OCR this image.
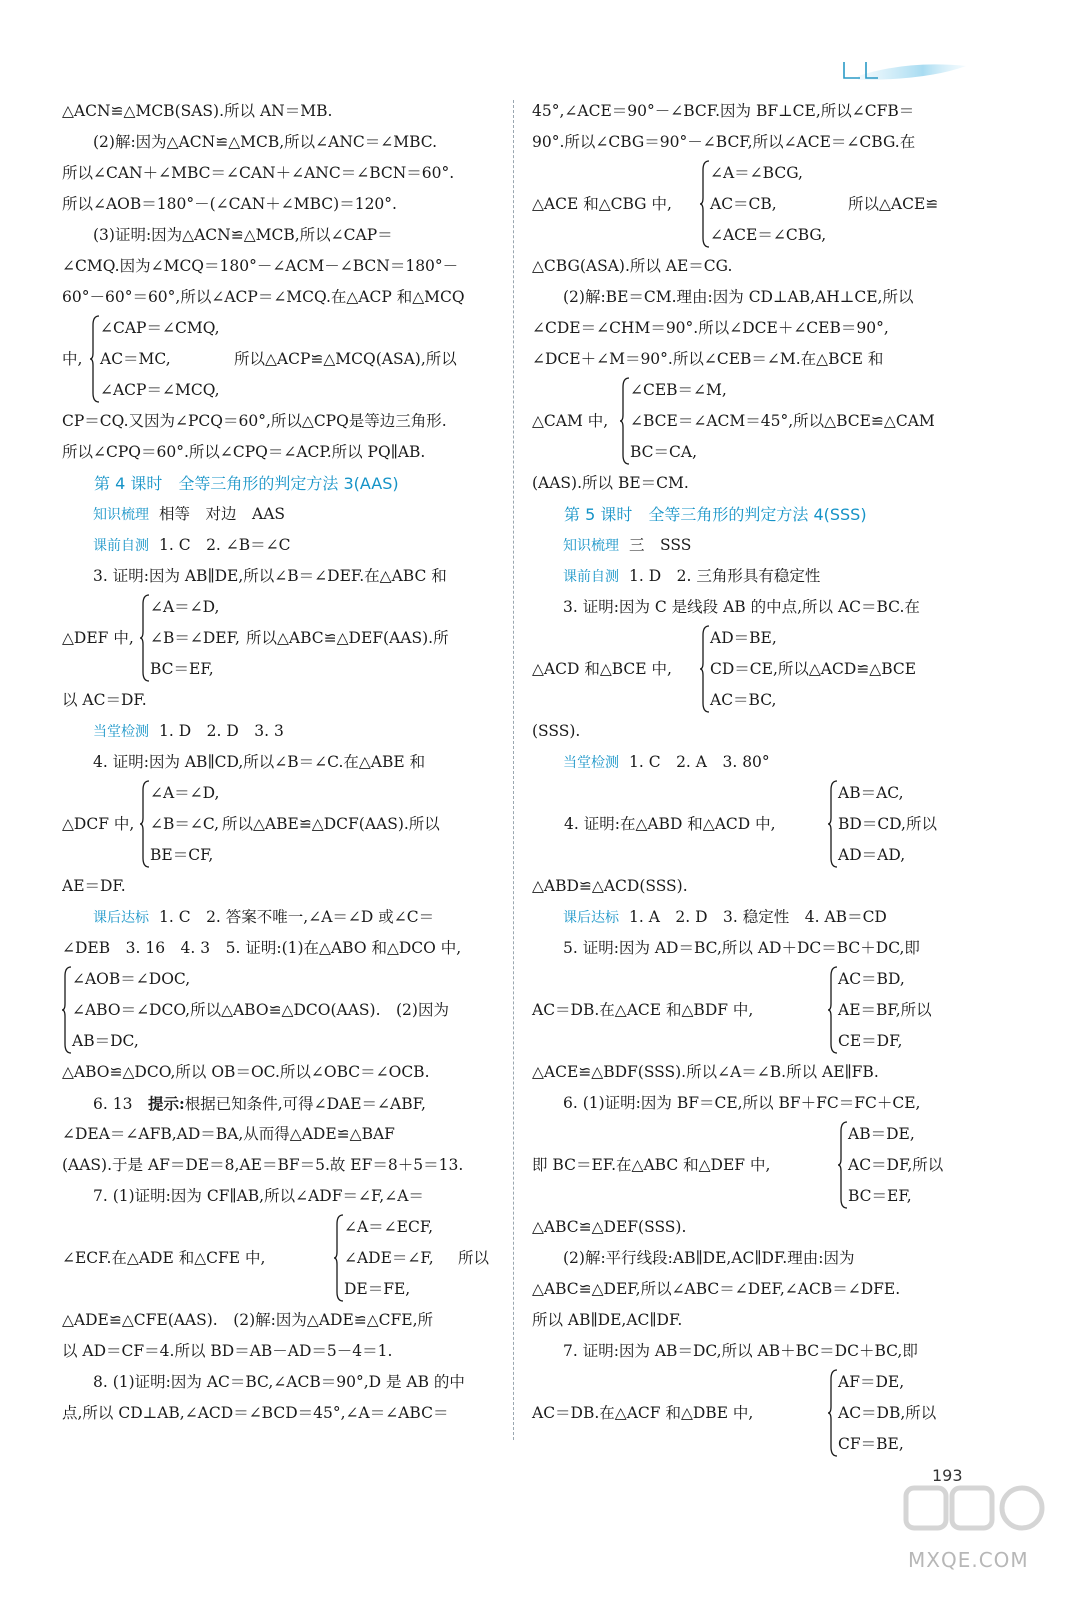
△ACN≌△MCB(SAS).所以 AN＝MB.
(2)解:因为△ACN≌△MCB,所以∠ANC＝∠MBC.
所以∠CAN＋∠MBC＝∠CAN＋∠ANC＝∠BCN＝60°.
所以∠AOB＝180°－(∠CAN＋∠MBC)＝120°.
(3)证明:因为△ACN≌△MCB,所以∠CAP＝
∠CMQ.因为∠MCQ＝180°－∠ACM－∠BCN＝180°－
60°－60°＝60°,所以∠ACP＝∠MCQ.在△ACP 和△MCQ
中,
∠CAP＝∠CMQ,
AC＝MC,
∠ACP＝∠MCQ,
所以△ACP≌△MCQ(ASA),所以
CP＝CQ.又因为∠PCQ＝60°,所以△CPQ是等边三角形.
所以∠CPQ＝60°.所以∠CPQ＝∠ACP.所以 PQ∥AB.
第 4 课时　全等三角形的判定方法 3(AAS)
知识梳理 相等　对边　AAS
课前自测 1. C　2. ∠B＝∠C
3. 证明:因为 AB∥DE,所以∠B＝∠DEF.在△ABC 和
△DEF 中,
∠A＝∠D,
∠B＝∠DEF,
BC＝EF,
所以△ABC≌△DEF(AAS).所
以 AC＝DF.
当堂检测 1. D　2. D　3. 3
4. 证明:因为 AB∥CD,所以∠B＝∠C.在△ABE 和
△DCF 中,
∠A＝∠D,
∠B＝∠C,
BE＝CF,
所以△ABE≌△DCF(AAS).所以
AE＝DF.
课后达标 1. C　2. 答案不唯一,∠A＝∠D 或∠C＝
∠DEB　3. 16　4. 3　5. 证明:(1)在△ABO 和△DCO 中,
∠AOB＝∠DOC,
∠ABO＝∠DCO,所以△ABO≌△DCO(AAS).　(2)因为
AB＝DC,
△ABO≌△DCO,所以 OB＝OC.所以∠OBC＝∠OCB.
6. 13　提示:根据已知条件,可得∠DAE＝∠ABF,
∠DEA＝∠AFB,AD＝BA,从而得△ADE≌△BAF
(AAS).于是 AF＝DE＝8,AE＝BF＝5.故 EF＝8＋5＝13.
7. (1)证明:因为 CF∥AB,所以∠ADF＝∠F,∠A＝
∠ECF.在△ADE 和△CFE 中,
∠A＝∠ECF,
∠ADE＝∠F,
DE＝FE,
所以
△ADE≌△CFE(AAS).　(2)解:因为△ADE≌△CFE,所
以 AD＝CF＝4.所以 BD＝AB－AD＝5－4＝1.
8. (1)证明:因为 AC＝BC,∠ACB＝90°,D 是 AB 的中
点,所以 CD⊥AB,∠ACD＝∠BCD＝45°,∠A＝∠ABC＝
45°,∠ACE＝90°－∠BCF.因为 BF⊥CE,所以∠CFB＝
90°.所以∠CBG＝90°－∠BCF,所以∠ACE＝∠CBG.在
△ACE 和△CBG 中,
∠A＝∠BCG,
AC＝CB,
∠ACE＝∠CBG,
所以△ACE≌
△CBG(ASA).所以 AE＝CG.
(2)解:BE＝CM.理由:因为 CD⊥AB,AH⊥CE,所以
∠CDE＝∠CHM＝90°.所以∠DCE＋∠CEB＝90°,
∠DCE＋∠M＝90°.所以∠CEB＝∠M.在△BCE 和
△CAM 中,
∠CEB＝∠M,
∠BCE＝∠ACM＝45°,所以△BCE≌△CAM
BC＝CA,
(AAS).所以 BE＝CM.
第 5 课时　全等三角形的判定方法 4(SSS)
知识梳理 三　SSS
课前自测 1. D　2. 三角形具有稳定性
3. 证明:因为 C 是线段 AB 的中点,所以 AC＝BC.在
△ACD 和△BCE 中,
AD＝BE,
CD＝CE,所以△ACD≌△BCE
AC＝BC,
(SSS).
当堂检测 1. C　2. A　3. 80°
4. 证明:在△ABD 和△ACD 中,
AB＝AC,
BD＝CD,所以
AD＝AD,
△ABD≌△ACD(SSS).
课后达标 1. A　2. D　3. 稳定性　4. AB＝CD
5. 证明:因为 AD＝BC,所以 AD＋DC＝BC＋DC,即
AC＝DB.在△ACE 和△BDF 中,
AC＝BD,
AE＝BF,所以
CE＝DF,
△ACE≌△BDF(SSS).所以∠A＝∠B.所以 AE∥FB.
6. (1)证明:因为 BF＝CE,所以 BF＋FC＝FC＋CE,
即 BC＝EF.在△ABC 和△DEF 中,
AB＝DE,
AC＝DF,所以
BC＝EF,
△ABC≌△DEF(SSS).
(2)解:平行线段:AB∥DE,AC∥DF.理由:因为
△ABC≌△DEF,所以∠ABC＝∠DEF,∠ACB＝∠DFE.
所以 AB∥DE,AC∥DF.
7. 证明:因为 AB＝DC,所以 AB＋BC＝DC＋BC,即
AC＝DB.在△ACF 和△DBE 中,
AF＝DE,
AC＝DB,所以
CF＝BE,
193
MXQE.COM
